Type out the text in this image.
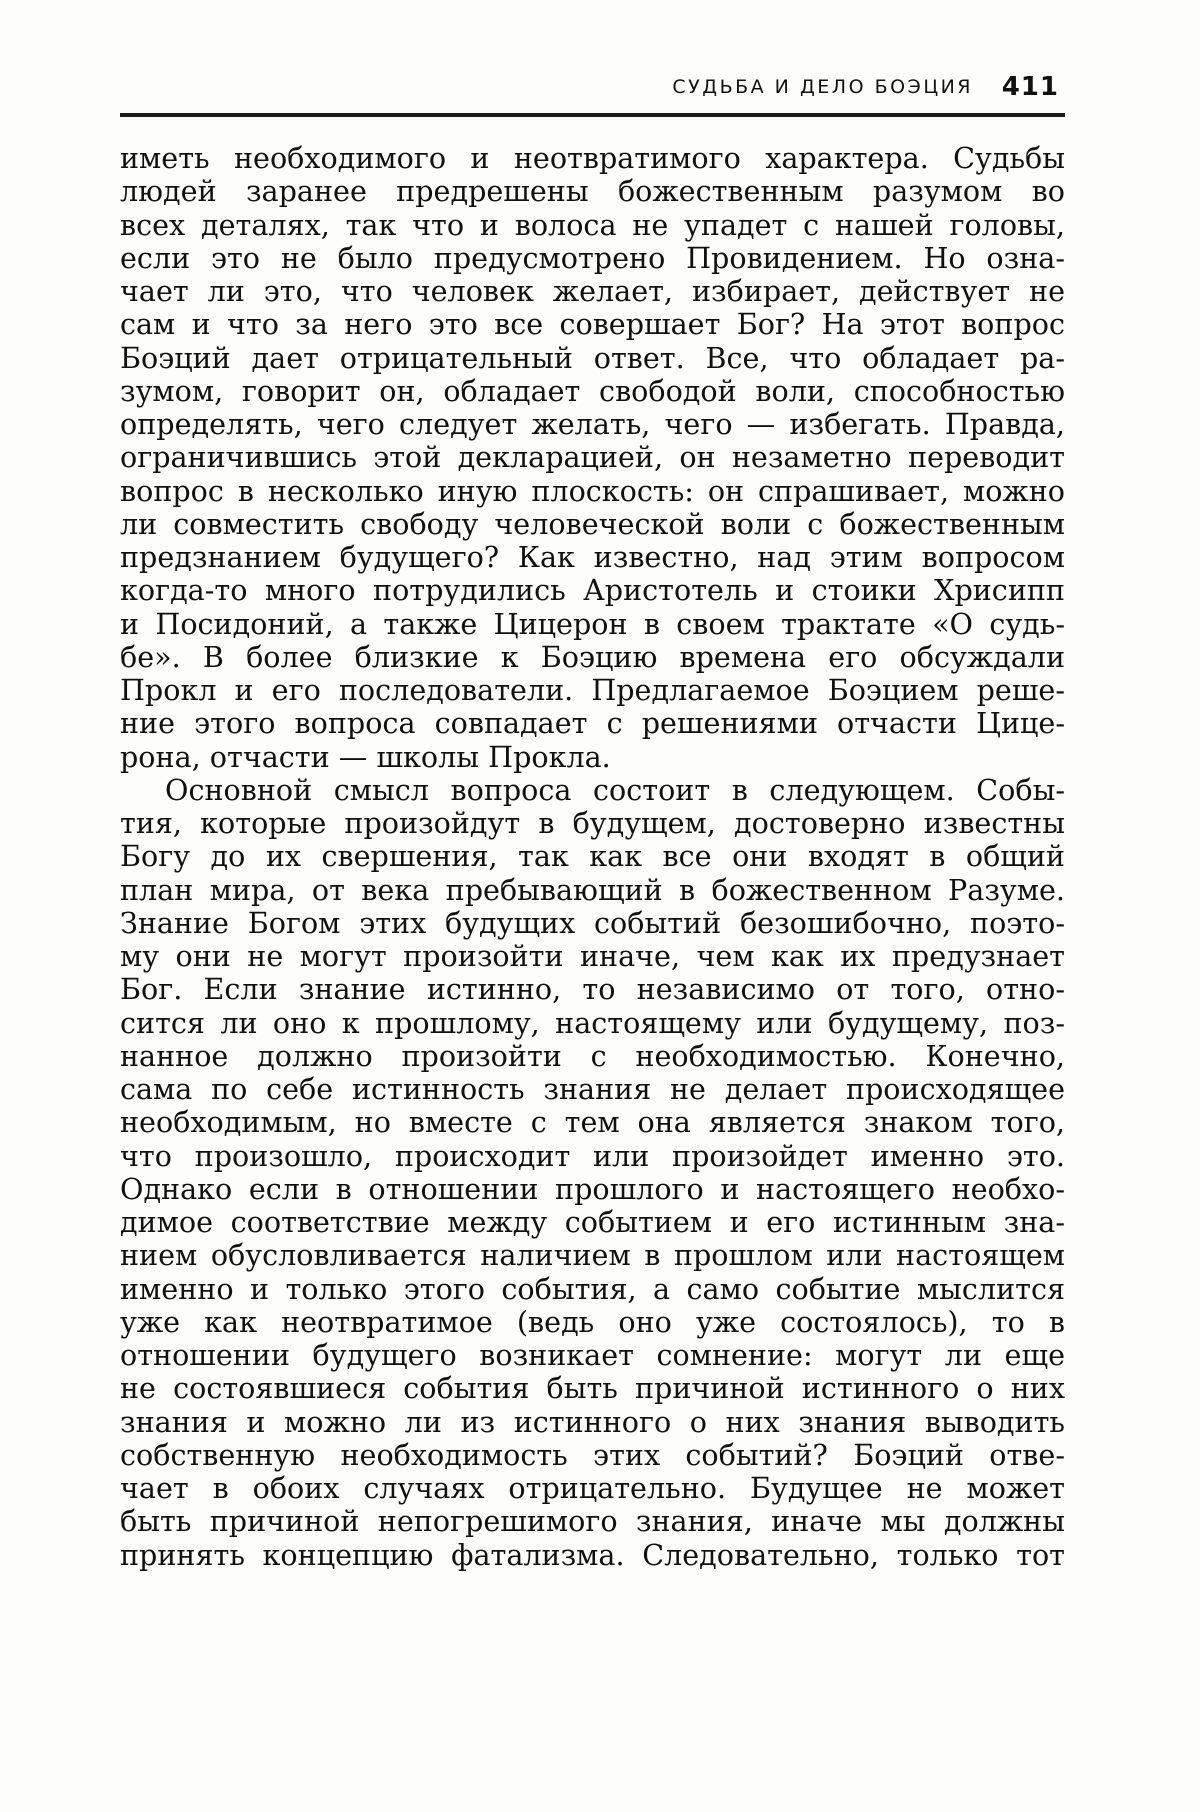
СУДЬБА И ДЕЛО БОЭЦИЯ 411
иметь необходимого и неотвратимого характера. Судьбы
людей заранее предрешены божественным разумом во
всех деталях, так что и волоса не упадет с нашей головы,
если это не было предусмотрено Провидением. Но озна-
чает ли это, что человек желает, избирает, действует не
сам и что за него это все совершает Бог? На этот вопрос
Боэций дает отрицательный ответ. Все, что обладает ра-
зумом, говорит он, обладает свободой воли, способностью
определять, чего следует желать, чего — избегать. Правда,
ограничившись этой декларацией, он незаметно переводит
вопрос в несколько иную плоскость: он спрашивает, можно
ли совместить свободу человеческой воли с божественным
предзнанием будущего? Как известно, над этим вопросом
когда-то много потрудились Аристотель и стоики Хрисипп
и Посидоний, а также Цицерон в своем трактате «О судь-
бе». В более близкие к Боэцию времена его обсуждали
Прокл и его последователи. Предлагаемое Боэцием реше-
ние этого вопроса совпадает с решениями отчасти Цице-
рона, отчасти — школы Прокла.
Основной смысл вопроса состоит в следующем. Собы-
тия, которые произойдут в будущем, достоверно известны
Богу до их свершения, так как все они входят в общий
план мира, от века пребывающий в божественном Разуме.
Знание Богом этих будущих событий безошибочно, поэто-
му они не могут произойти иначе, чем как их предузнает
Бог. Если знание истинно, то независимо от того, отно-
сится ли оно к прошлому, настоящему или будущему, поз-
нанное должно произойти с необходимостью. Конечно,
сама по себе истинность знания не делает происходящее
необходимым, но вместе с тем она является знаком того,
что произошло, происходит или произойдет именно это.
Однако если в отношении прошлого и настоящего необхо-
димое соответствие между событием и его истинным зна-
нием обусловливается наличием в прошлом или настоящем
именно и только этого события, а само событие мыслится
уже как неотвратимое (ведь оно уже состоялось), то в
отношении будущего возникает сомнение: могут ли еще
не состоявшиеся события быть причиной истинного о них
знания и можно ли из истинного о них знания выводить
собственную необходимость этих событий? Боэций отве-
чает в обоих случаях отрицательно. Будущее не может
быть причиной непогрешимого знания, иначе мы должны
принять концепцию фатализма. Следовательно, только тот
